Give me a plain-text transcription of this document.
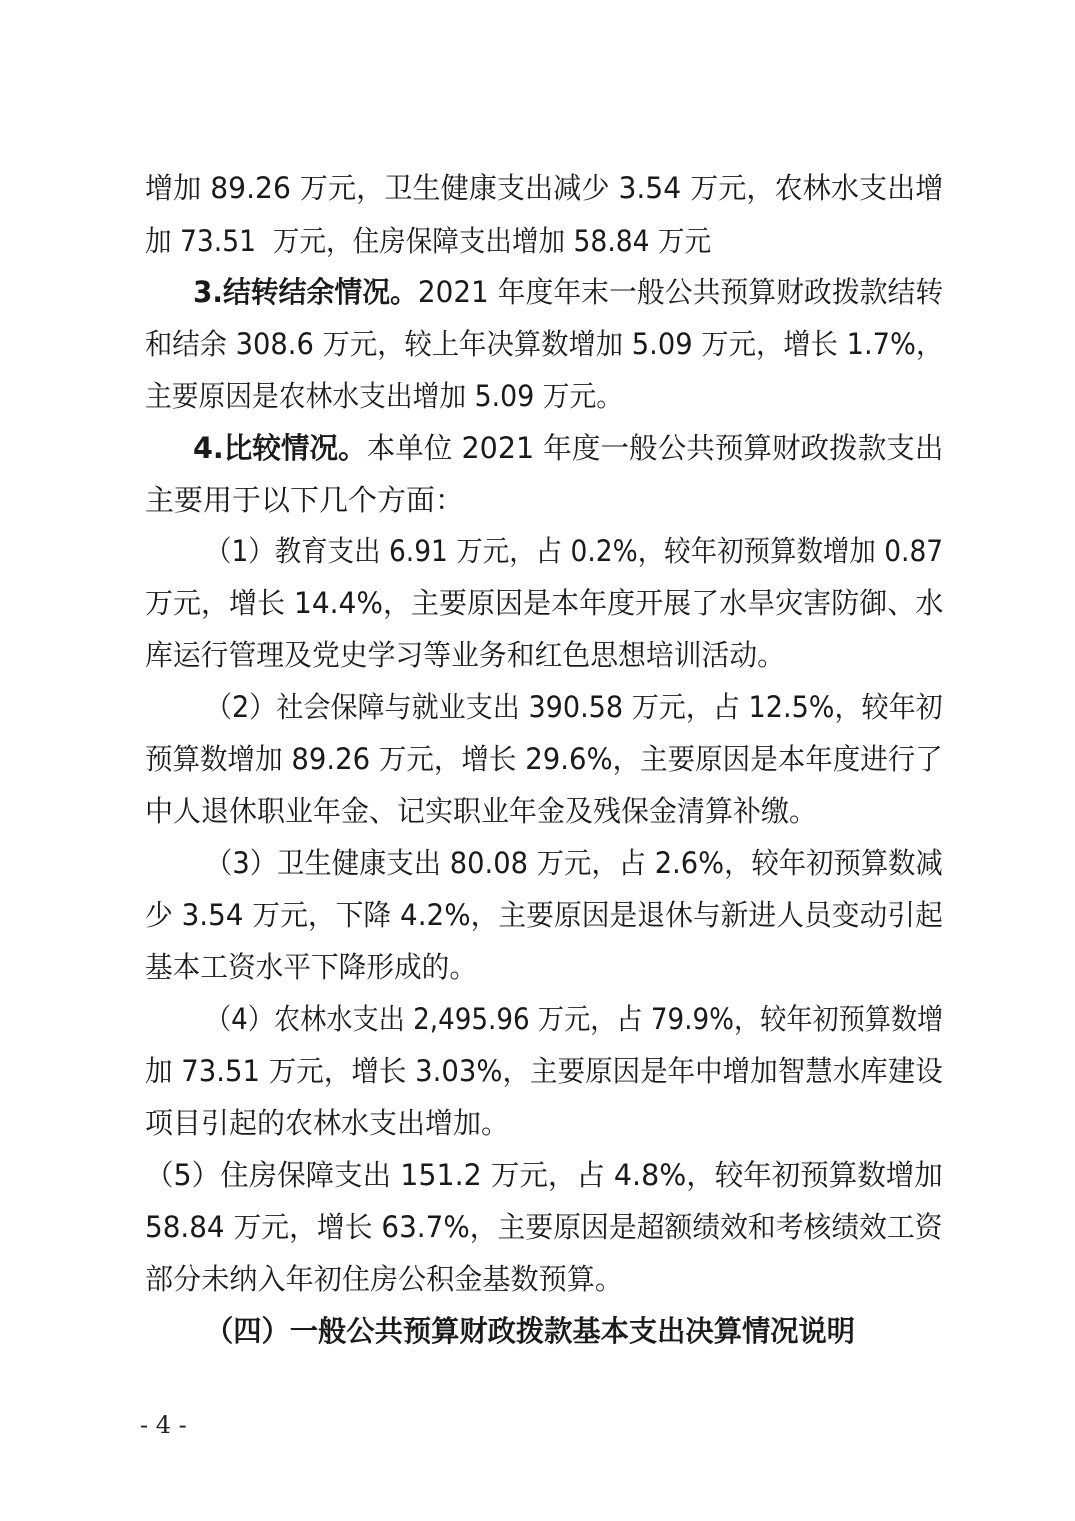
增加 89.26 万元，卫生健康支出减少 3.54 万元，农林水支出增
加 73.51  万元，住房保障支出增加 58.84 万元
3.结转结余情况。2021 年度年末一般公共预算财政拨款结转
和结余 308.6 万元，较上年决算数增加 5.09 万元，增长 1.7%，
主要原因是农林水支出增加 5.09 万元。
4.比较情况。本单位 2021 年度一般公共预算财政拨款支出
主要用于以下几个方面：
（1）教育支出 6.91 万元，占 0.2%，较年初预算数增加 0.87
万元，增长 14.4%，主要原因是本年度开展了水旱灾害防御、水
库运行管理及党史学习等业务和红色思想培训活动。
（2）社会保障与就业支出 390.58 万元，占 12.5%，较年初
预算数增加 89.26 万元，增长 29.6%，主要原因是本年度进行了
中人退休职业年金、记实职业年金及残保金清算补缴。
（3）卫生健康支出 80.08 万元，占 2.6%，较年初预算数减
少 3.54 万元，下降 4.2%，主要原因是退休与新进人员变动引起
基本工资水平下降形成的。
（4）农林水支出 2,495.96 万元，占 79.9%，较年初预算数增
加 73.51 万元，增长 3.03%，主要原因是年中增加智慧水库建设
项目引起的农林水支出增加。
（5）住房保障支出 151.2 万元，占 4.8%，较年初预算数增加
58.84 万元，增长 63.7%，主要原因是超额绩效和考核绩效工资
部分未纳入年初住房公积金基数预算。
（四）一般公共预算财政拨款基本支出决算情况说明
- 4 -
